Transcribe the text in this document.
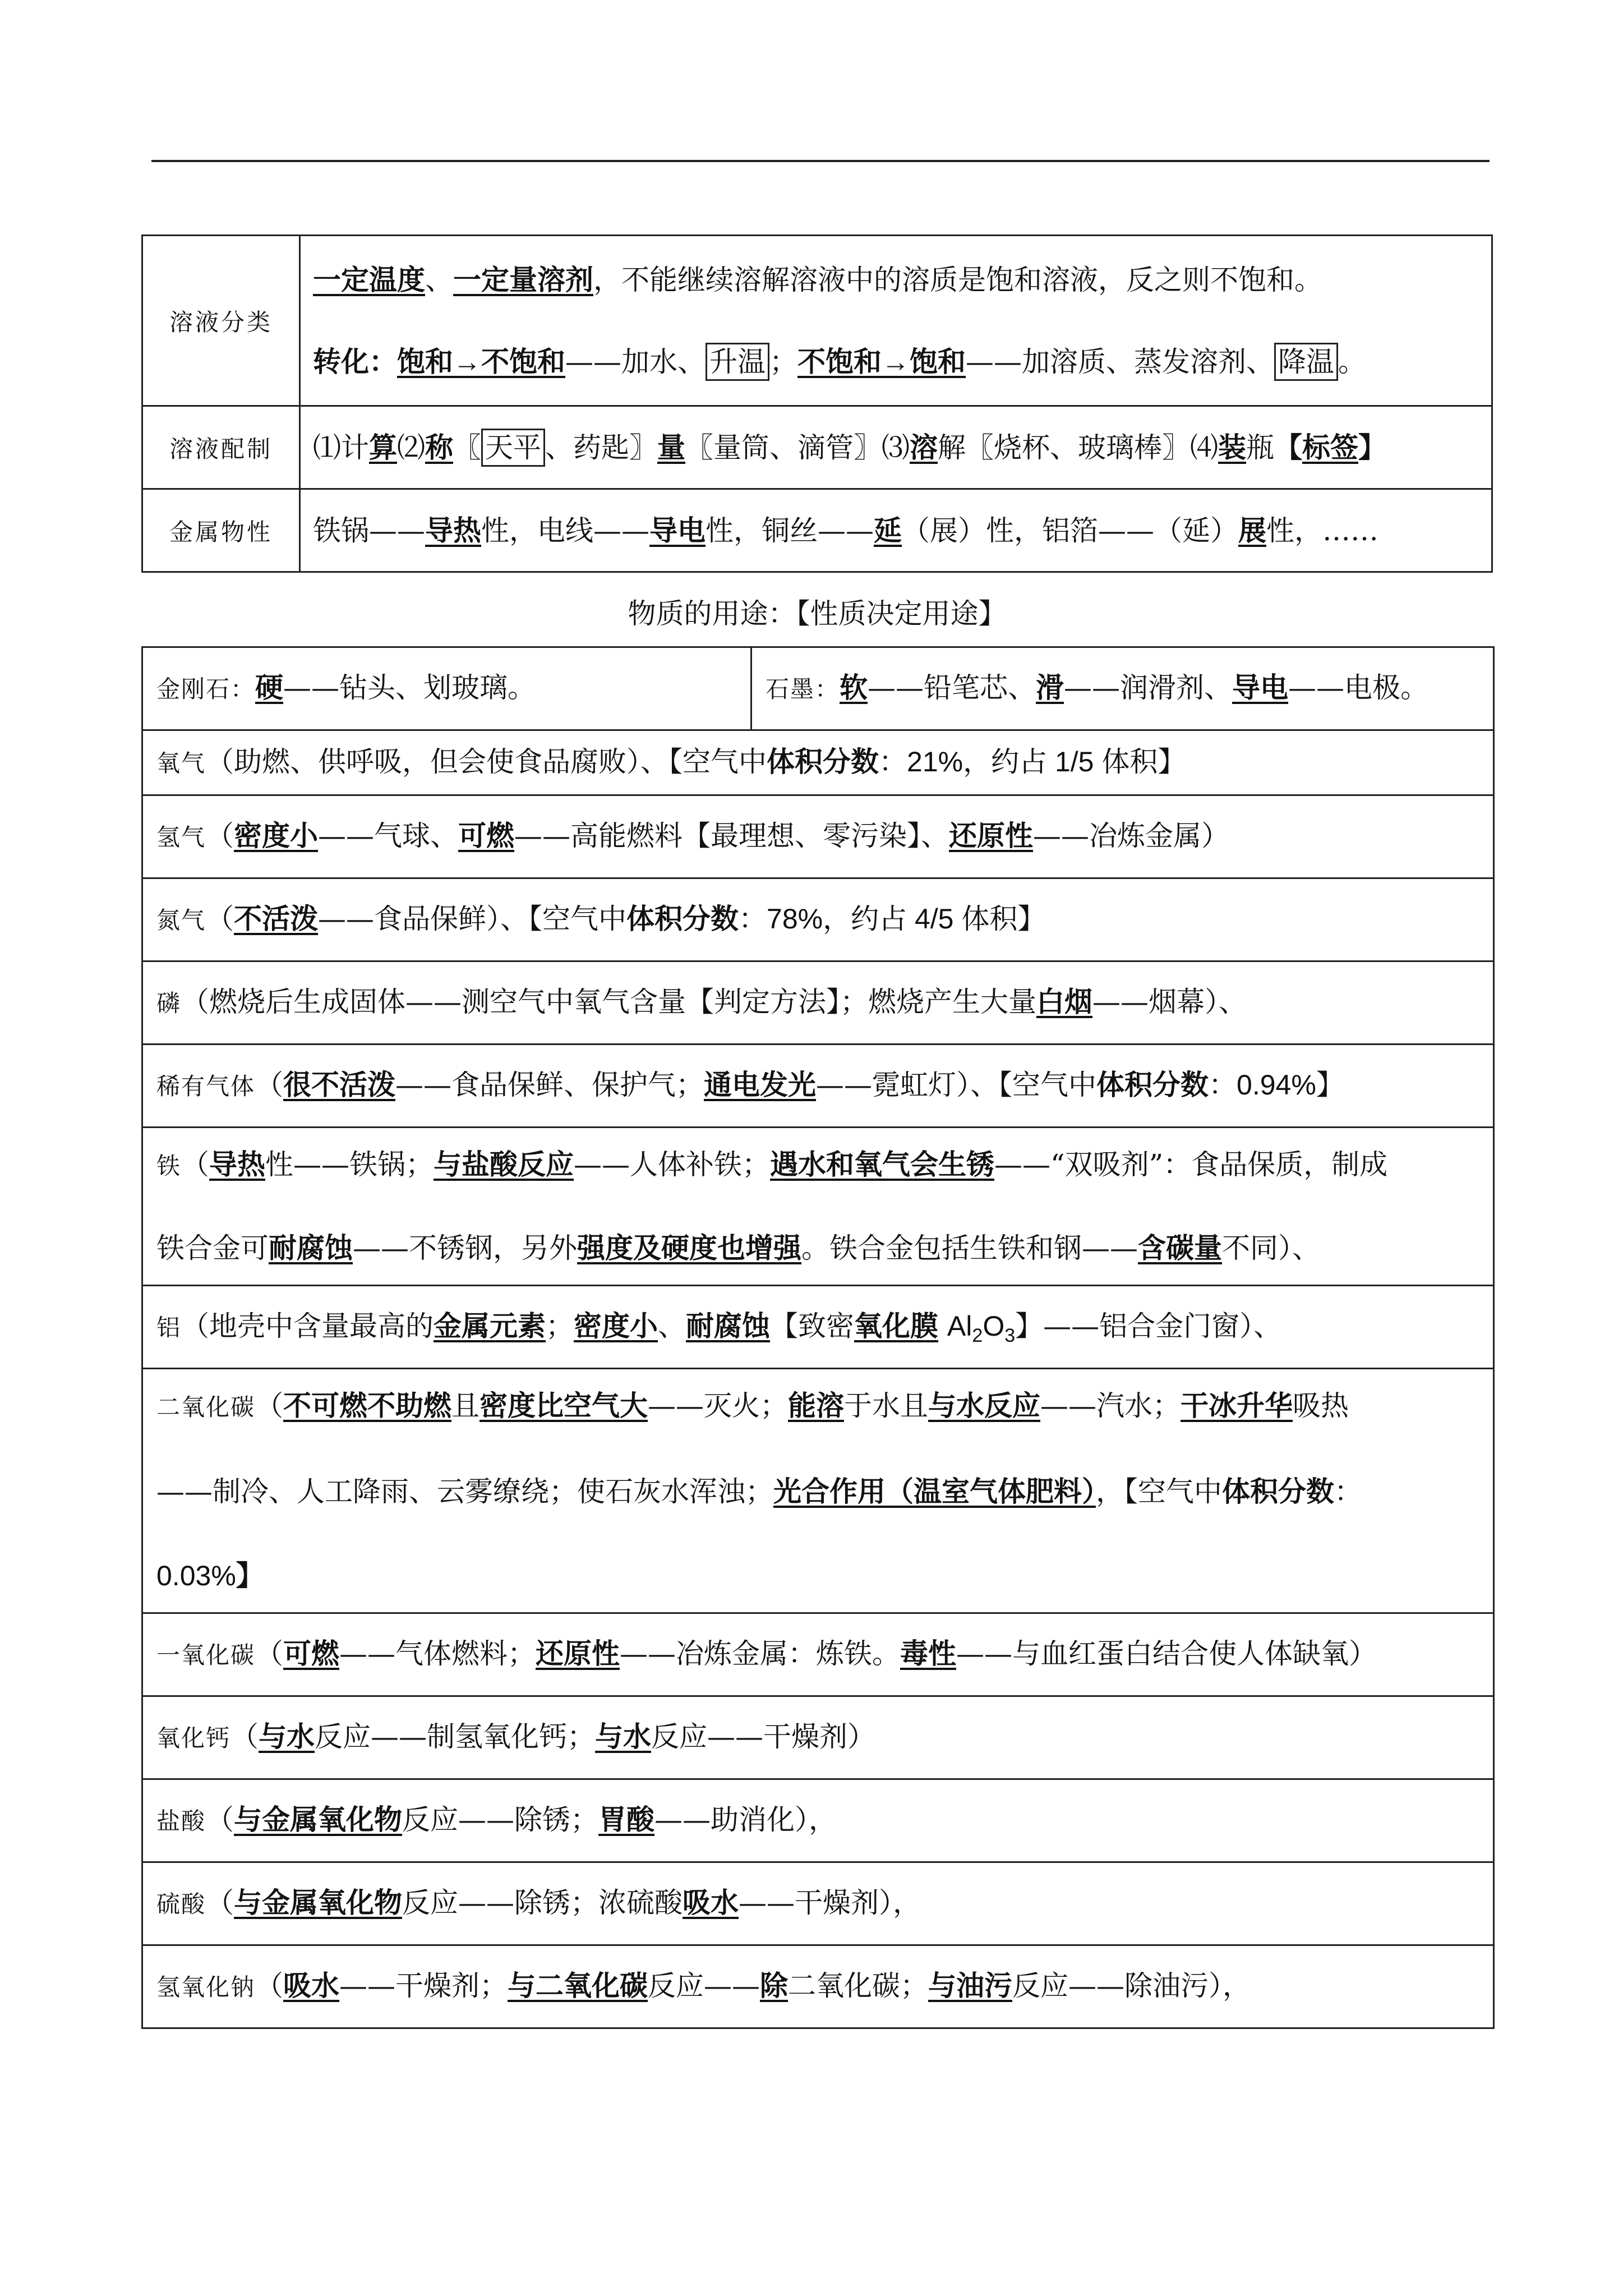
溶液分类	一定温度、一定量溶剂，不能继续溶解溶液中的溶质是饱和溶液，反之则不饱和。
转化：饱和→不饱和——加水、 升温 ；不饱和→饱和——加溶质、蒸发溶剂、 降温 。

溶液配制	⑴计算⑵称〖 天平 、药匙〗量〖量筒、滴管〗⑶溶解〖烧杯、玻璃棒〗⑷装瓶【标签】

金属物性	铁锅——导热性，电线——导电性，铜丝——延（展）性，铝箔——（延）展性，……
物质的用途：【性质决定用途】
金刚石：硬——钻头、划玻璃。	石墨：软——铅笔芯、滑——润滑剂、导电——电极。

氧气（助燃、供呼吸，但会使食品腐败）、【空气中体积分数：21%，约占 1/5 体积】

氢气（密度小——气球、可燃——高能燃料【最理想、零污染】、还原性——冶炼金属）

氮气（不活泼——食品保鲜）、【空气中体积分数：78%，约占 4/5 体积】

磷（燃烧后生成固体——测空气中氧气含量【判定方法】；燃烧产生大量白烟——烟幕）、

稀有气体（很不活泼——食品保鲜、保护气；通电发光——霓虹灯）、【空气中体积分数：0.94%】

铁（导热性——铁锅；与盐酸反应——人体补铁；遇水和氧气会生锈——“双吸剂”：食品保质，制成
铁合金可耐腐蚀——不锈钢，另外强度及硬度也增强。铁合金包括生铁和钢——含碳量不同）、

铝（地壳中含量最高的金属元素；密度小、耐腐蚀【致密氧化膜 $Al_2O_3$】——铝合金门窗）、

二氧化碳（不可燃不助燃且密度比空气大——灭火；能溶于水且与水反应——汽水；干冰升华吸热
——制冷、人工降雨、云雾缭绕；使石灰水浑浊；光合作用（温室气体肥料），【空气中体积分数：
0.03%】

一氧化碳（可燃——气体燃料；还原性——冶炼金属：炼铁。毒性——与血红蛋白结合使人体缺氧）

氧化钙（与水反应——制氢氧化钙；与水反应——干燥剂）

盐酸（与金属氧化物反应——除锈；胃酸——助消化），

硫酸（与金属氧化物反应——除锈；浓硫酸吸水——干燥剂），

氢氧化钠（吸水——干燥剂；与二氧化碳反应——除二氧化碳；与油污反应——除油污），
